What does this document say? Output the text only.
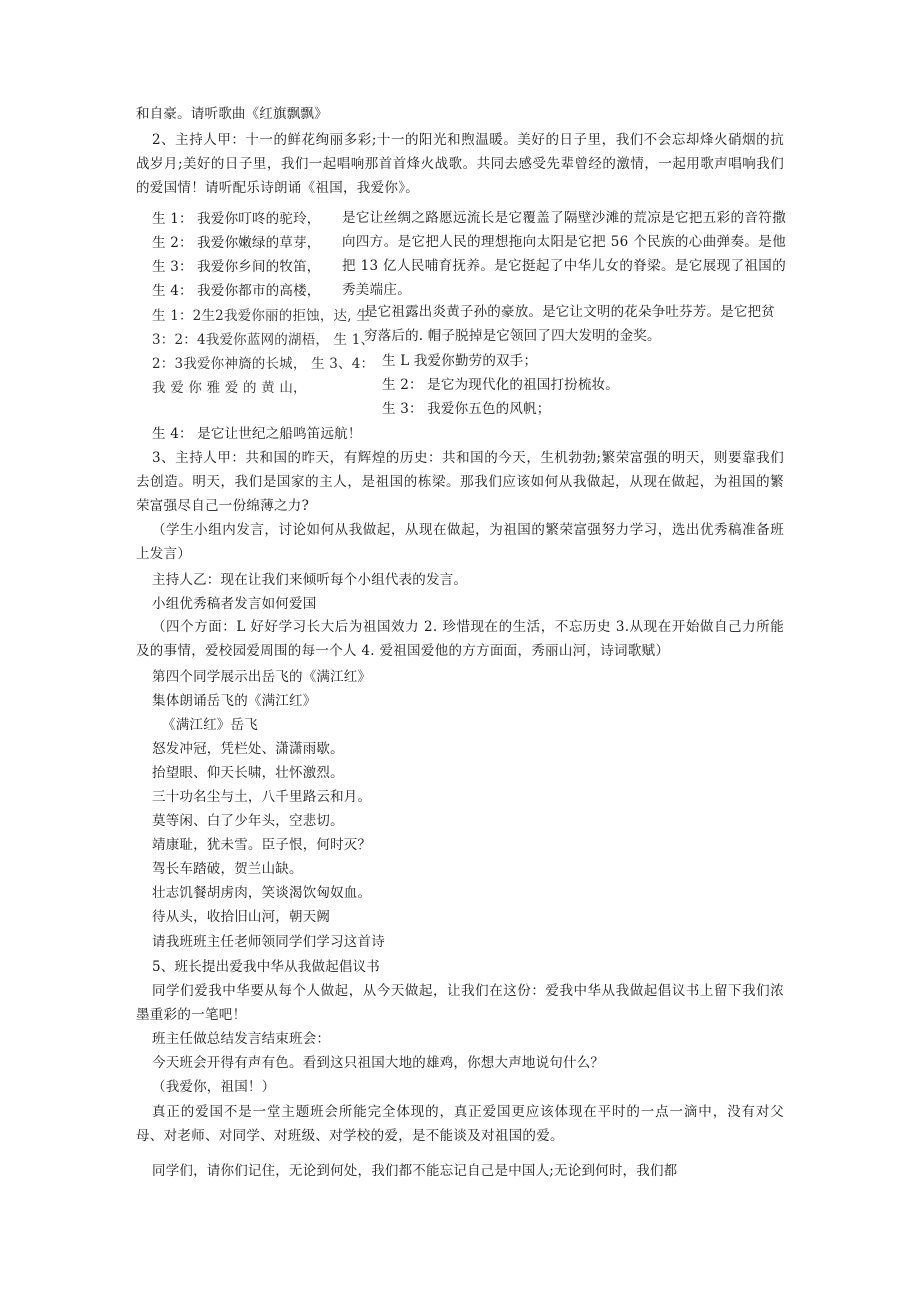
和自豪。请听歌曲《红旗飘飘》
2、主持人甲：十一的鲜花绚丽多彩;十一的阳光和煦温暖。美好的日子里，我们不会忘却烽火硝烟的抗战岁月;美好的日子里，我们一起唱响那首首烽火战歌。共同去感受先辈曾经的激情，一起用歌声唱响我们的爱国情！请听配乐诗朗诵《祖国，我爱你》。
生 1： 我爱你叮咚的驼玲，
生 2： 我爱你嫩绿的草芽，
生 3： 我爱你乡间的牧笛，
生 4： 我爱你都市的高楼，
是它让丝绸之路愿远流长是它覆盖了隔壁沙滩的荒凉是它把五彩的音符撒向四方。是它把人民的理想拖向太阳是它把 56 个民族的心曲弹奏。是他把 13 亿人民哺育抚养。是它挺起了中华儿女的脊梁。是它展现了祖国的秀美端庄。
生 1：2生2我爱你丽的拒蚀，达, 生
是它祖露出炎黄子孙的豪放。是它让文明的花朵争吐芬芳。是它把贫
3：2：4我爱你蓝网的湖梧， 生 1、
穷落后的. 帽子脱掉是它领回了四大发明的金奖。
2：3我爱你神旖的长城， 生 3、4： 生 L 我爱你勤劳的双手；
我 爱 你 雅 爱 的 黄 山，	生 2： 是它为现代化的祖国打扮梳妆。
生 3： 我爱你五色的风帆；
生 4： 是它让世纪之船鸣笛远航！
3、主持人甲：共和国的昨天，有辉煌的历史：共和国的今天，生机勃勃;繁荣富强的明天，则要靠我们去创造。明天，我们是国家的主人，是祖国的栋梁。那我们应该如何从我做起，从现在做起，为祖国的繁荣富强尽自己一份绵薄之力?
（学生小组内发言，讨论如何从我做起，从现在做起，为祖国的繁荣富强努力学习，选出优秀稿准备班上发言）
主持人乙：现在让我们来倾听每个小组代表的发言。
小组优秀稿者发言如何爱国
（四个方面：L 好好学习长大后为祖国效力 2. 珍惜现在的生活，不忘历史 3.从现在开始做自己力所能及的事情，爱校园爱周围的每一个人 4. 爱祖国爱他的方方面面，秀丽山河，诗词歌赋）
第四个同学展示出岳飞的《满江红》
集体朗诵岳飞的《满江红》
《满江红》岳飞
怒发冲冠，凭栏处、潇潇雨歇。
抬望眼、仰天长啸，壮怀激烈。
三十功名尘与土，八千里路云和月。
莫等闲、白了少年头，空悲切。
靖康耻，犹未雪。臣子恨，何时灭？
驾长车踏破，贺兰山缺。
壮志饥餐胡虏肉，笑谈渴饮匈奴血。
待从头，收拾旧山河，朝天阙
请我班班主任老师领同学们学习这首诗
5、班长提出爱我中华从我做起倡议书
同学们爱我中华要从每个人做起，从今天做起，让我们在这份：爱我中华从我做起倡议书上留下我们浓墨重彩的一笔吧！
班主任做总结发言结束班会：
今天班会开得有声有色。看到这只祖国大地的雄鸡，你想大声地说句什么？
（我爱你，祖国！）
真正的爱国不是一堂主题班会所能完全体现的，真正爱国更应该体现在平时的一点一滴中，没有对父母、对老师、对同学、对班级、对学校的爱，是不能谈及对祖国的爱。
同学们，请你们记住，无论到何处，我们都不能忘记自己是中国人;无论到何时，我们都
